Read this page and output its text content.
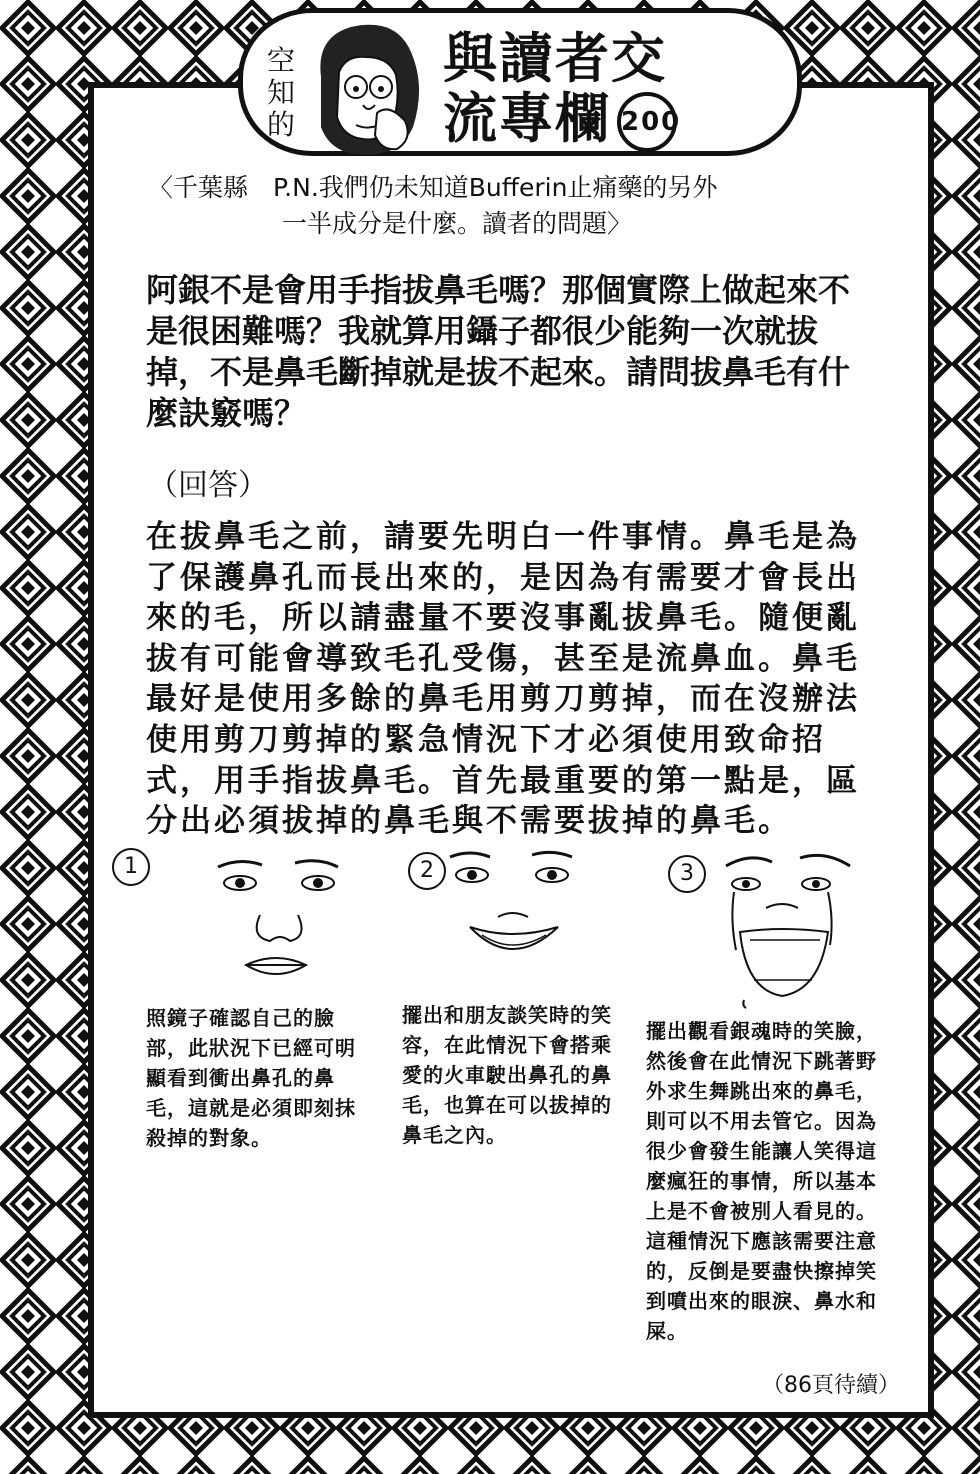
空知的
與讀者交
流專欄 200
〈千葉縣　P.N.我們仍未知道Bufferin止痛藥的另外
一半成分是什麼。讀者的問題〉
阿銀不是會用手指拔鼻毛嗎？那個實際上做起來不是很困難嗎？我就算用鑷子都很少能夠一次就拔掉，不是鼻毛斷掉就是拔不起來。請問拔鼻毛有什麼訣竅嗎？
（回答）
在拔鼻毛之前，請要先明白一件事情。鼻毛是為了保護鼻孔而長出來的，是因為有需要才會長出來的毛，所以請盡量不要沒事亂拔鼻毛。隨便亂拔有可能會導致毛孔受傷，甚至是流鼻血。鼻毛最好是使用多餘的鼻毛用剪刀剪掉，而在沒辦法使用剪刀剪掉的緊急情況下才必須使用致命招式，用手指拔鼻毛。首先最重要的第一點是，區分出必須拔掉的鼻毛與不需要拔掉的鼻毛。
1
照鏡子確認自己的臉部，此狀況下已經可明顯看到衝出鼻孔的鼻毛，這就是必須即刻抹殺掉的對象。
2
擺出和朋友談笑時的笑容，在此情況下會搭乘愛的火車駛出鼻孔的鼻毛，也算在可以拔掉的鼻毛之內。
3
擺出觀看銀魂時的笑臉，然後會在此情況下跳著野外求生舞跳出來的鼻毛，則可以不用去管它。因為很少會發生能讓人笑得這麼瘋狂的事情，所以基本上是不會被別人看見的。這種情況下應該需要注意的，反倒是要盡快擦掉笑到噴出來的眼淚、鼻水和屎。
（86頁待續）
